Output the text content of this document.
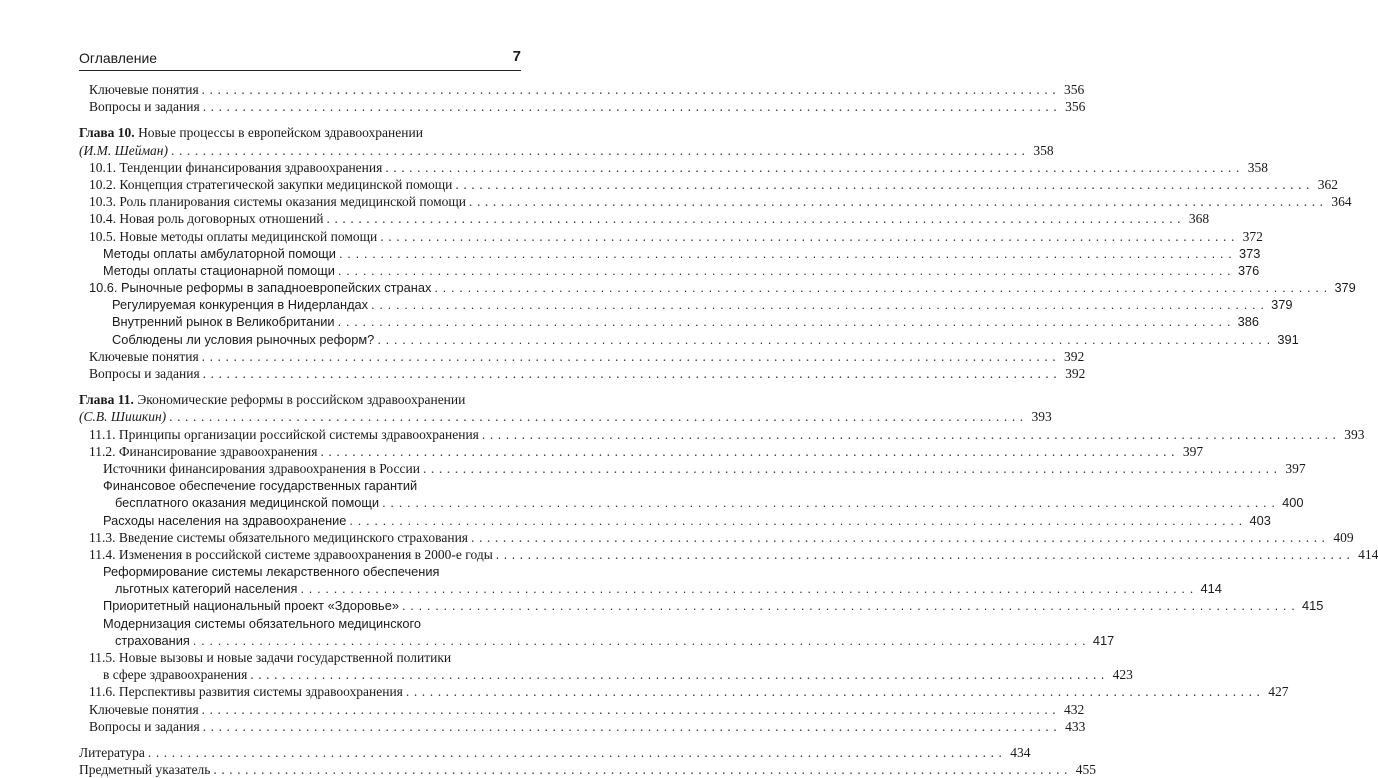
Оглавление	7
Ключевые понятия . . .	356
Вопросы и задания . . .	356
Глава 10. Новые процессы в европейском здравоохранении
(И.М. Шейман) . . .	358
10.1. Тенденции финансирования здравоохранения . . .	358
10.2. Концепция стратегической закупки медицинской помощи . . .	362
10.3. Роль планирования системы оказания медицинской помощи . . .	364
10.4. Новая роль договорных отношений . . .	368
10.5. Новые методы оплаты медицинской помощи . . .	372
Методы оплаты амбулаторной помощи . . .	373
Методы оплаты стационарной помощи . . .	376
10.6. Рыночные реформы в западноевропейских странах . . .	379
Регулируемая конкуренция в Нидерландах . . .	379
Внутренний рынок в Великобритании . . .	386
Соблюдены ли условия рыночных реформ? . . .	391
Ключевые понятия . . .	392
Вопросы и задания . . .	392
Глава 11. Экономические реформы в российском здравоохранении
(С.В. Шишкин) . . .	393
11.1. Принципы организации российской системы здравоохранения . . .	393
11.2. Финансирование здравоохранения . . .	397
Источники финансирования здравоохранения в России . . .	397
Финансовое обеспечение государственных гарантий
бесплатного оказания медицинской помощи . . .	400
Расходы населения на здравоохранение . . .	403
11.3. Введение системы обязательного медицинского страхования . . .	409
11.4. Изменения в российской системе здравоохранения в 2000-е годы . . .	414
Реформирование системы лекарственного обеспечения
льготных категорий населения . . .	414
Приоритетный национальный проект «Здоровье» . . .	415
Модернизация системы обязательного медицинского
страхования . . .	417
11.5. Новые вызовы и новые задачи государственной политики
в сфере здравоохранения . . .	423
11.6. Перспективы развития системы здравоохранения . . .	427
Ключевые понятия . . .	432
Вопросы и задания . . .	433
Литература . . .	434
Предметный указатель . . .	455
